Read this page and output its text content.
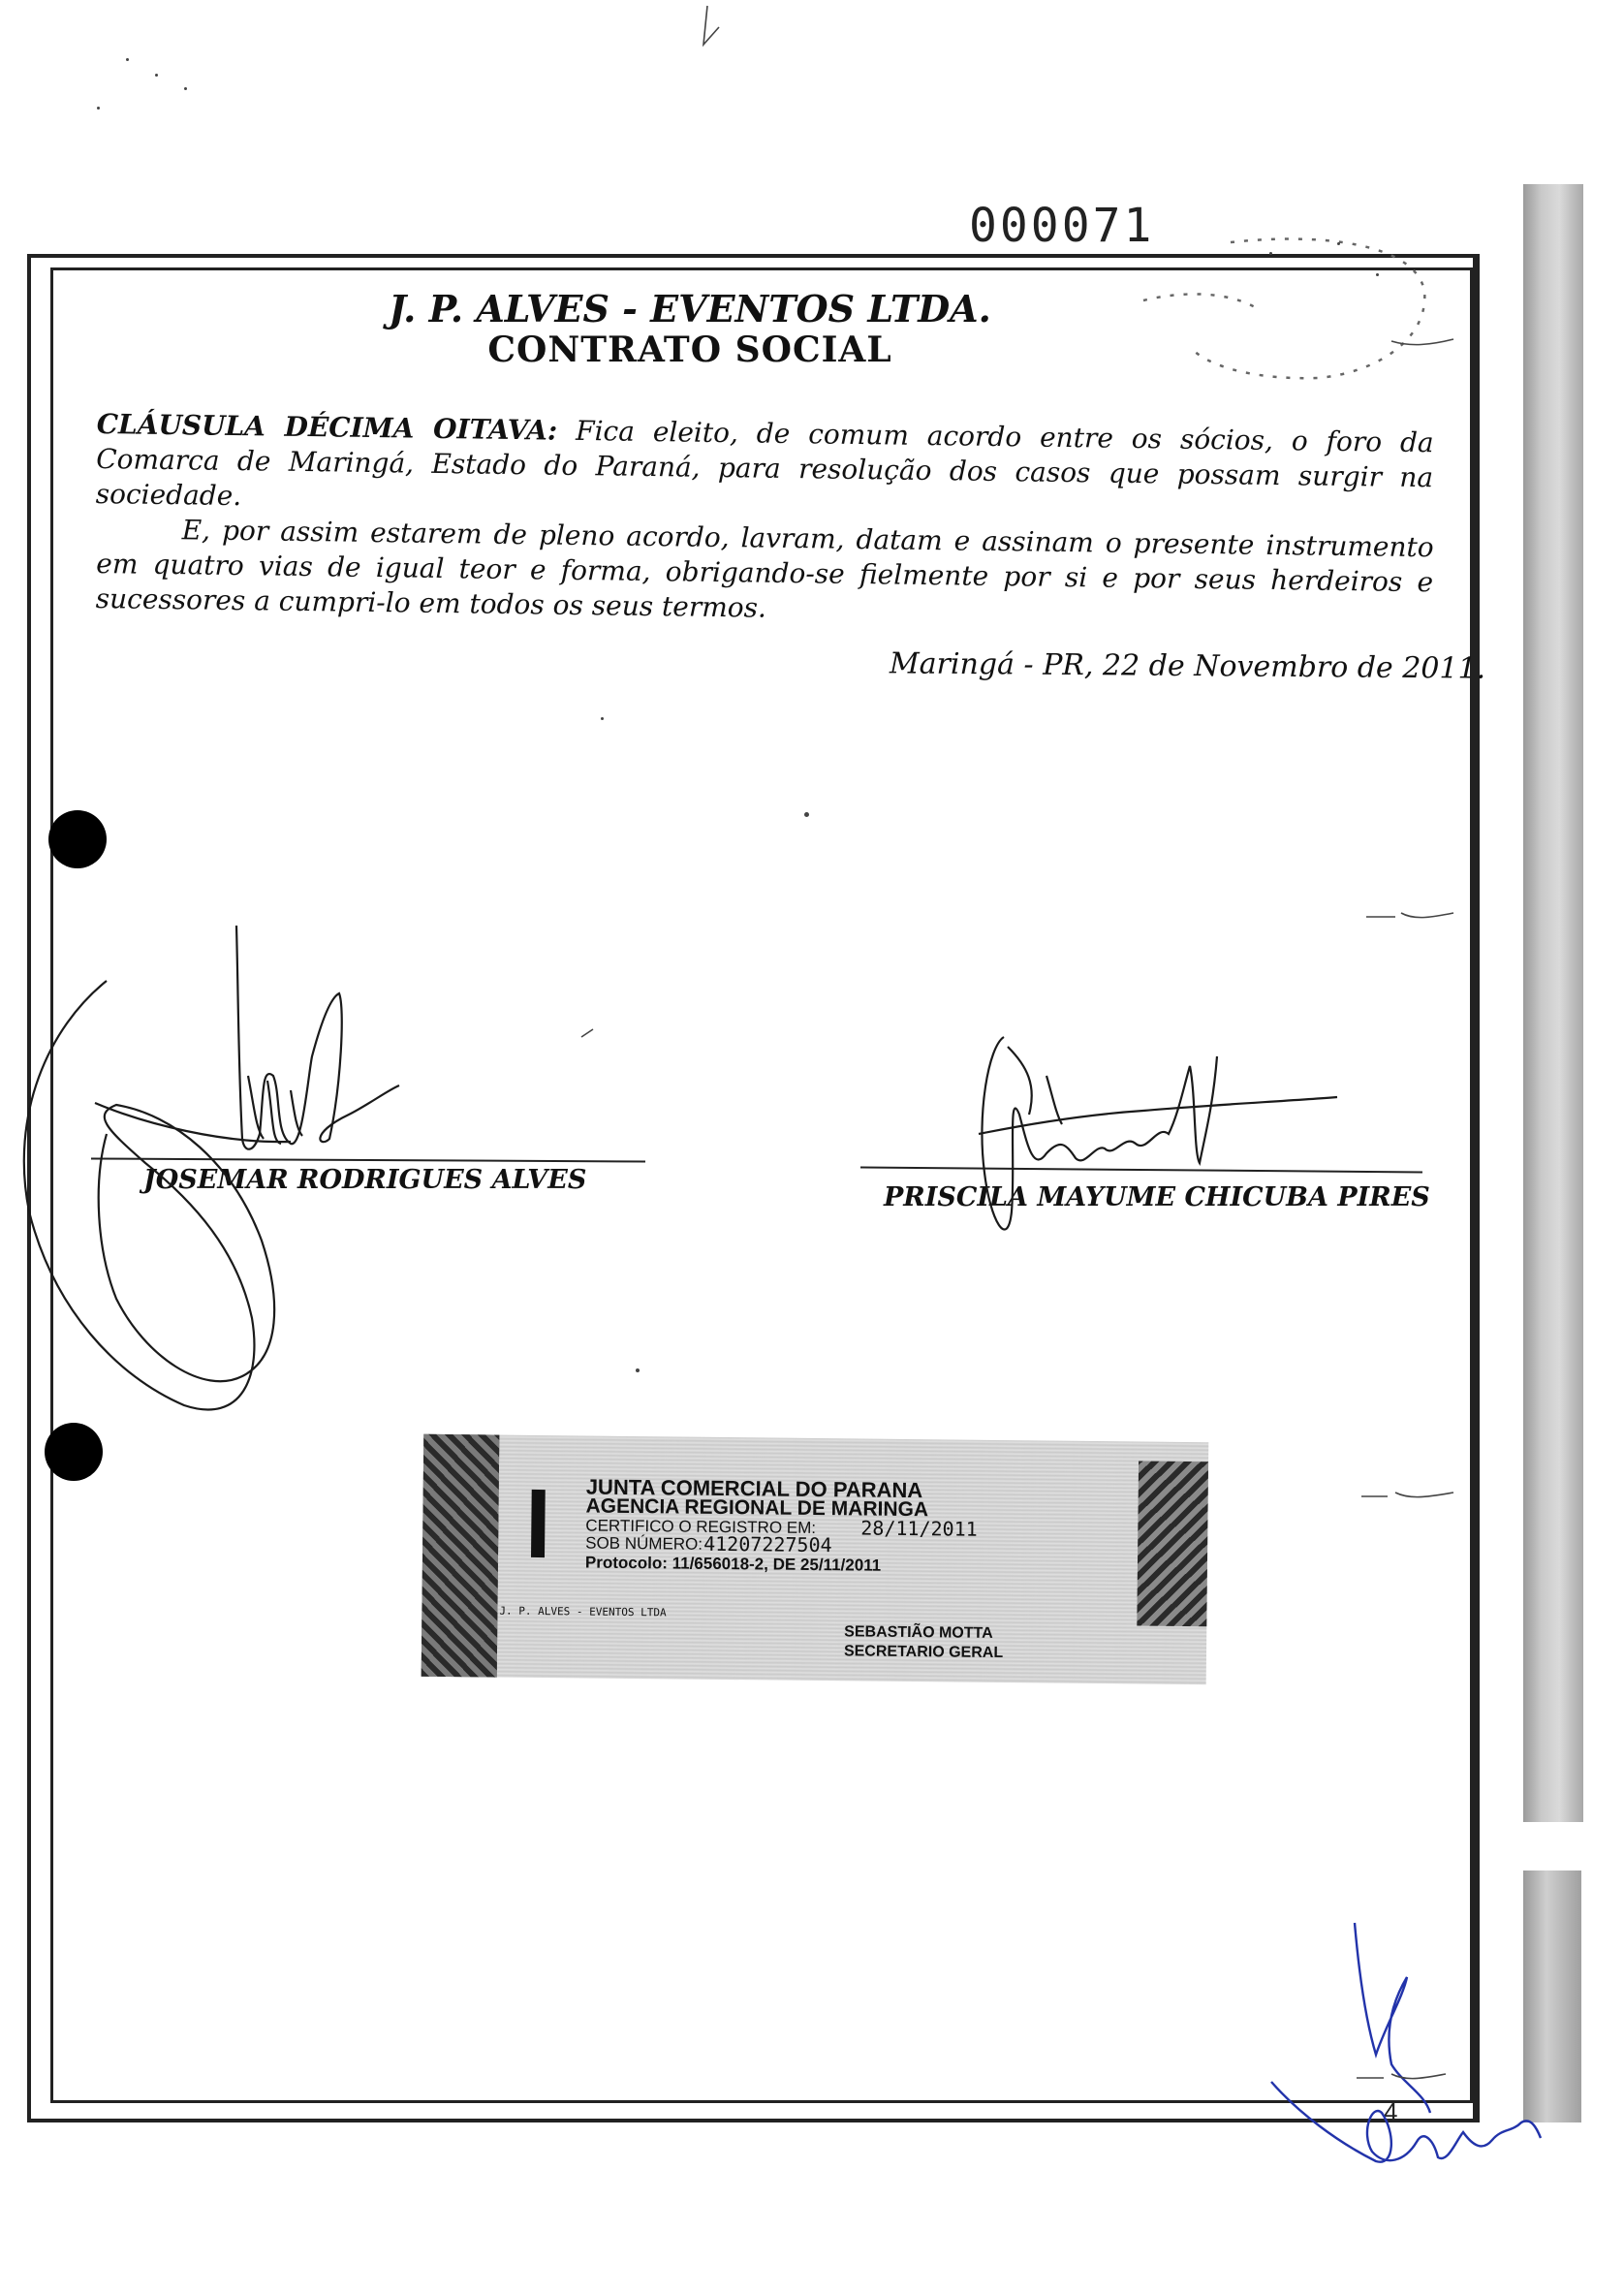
000071
J. P. ALVES - EVENTOS LTDA.
CONTRATO SOCIAL
CLÁUSULA DÉCIMA OITAVA: Fica eleito, de comum acordo entre os sócios, o foro da Comarca de Maringá, Estado do Paraná, para resolução dos casos que possam surgir na sociedade.
E, por assim estarem de pleno acordo, lavram, datam e assinam o presente instrumento em quatro vias de igual teor e forma, obrigando-se fielmente por si e por seus herdeiros e sucessores a cumpri-lo em todos os seus termos.
Maringá - PR, 22 de Novembro de 2011.
JOSEMAR RODRIGUES ALVES
PRISCILA MAYUME CHICUBA PIRES
JUNTA COMERCIAL DO PARANA
AGENCIA REGIONAL DE MARINGA
CERTIFICO O REGISTRO EM: 28/11/2011
SOB NÚMERO: 41207227504
Protocolo: 11/656018-2, DE 25/11/2011
J. P. ALVES - EVENTOS LTDA
SEBASTIÃO MOTTA
SECRETARIO GERAL
4
